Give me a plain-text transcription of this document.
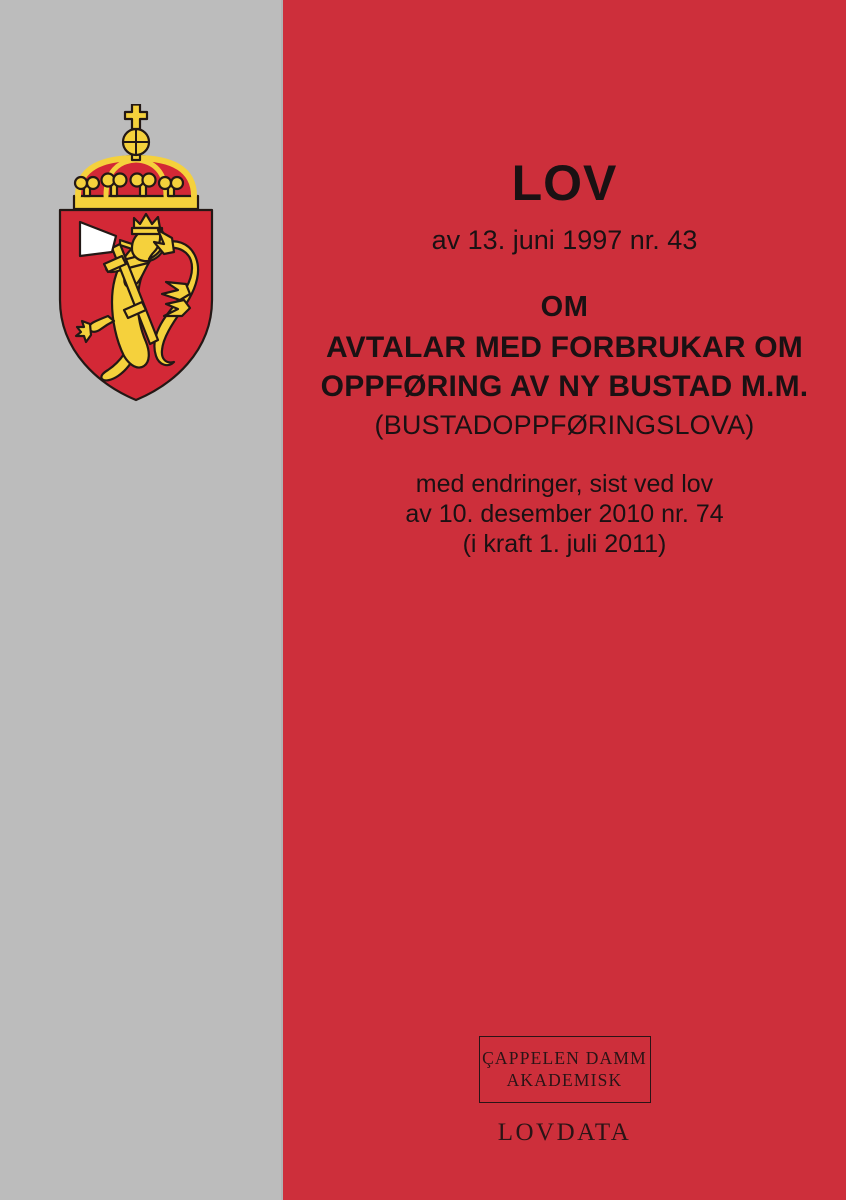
LOV
av 13. juni 1997 nr. 43
OM
AVTALAR MED FORBRUKAR OM
OPPFØRING AV NY BUSTAD M.M.
(BUSTADOPPFØRINGSLOVA)
med endringer, sist ved lov
av 10. desember 2010 nr. 74
(i kraft 1. juli 2011)
ÇAPPELEN DAMM
AKADEMISK
LOVDATA
